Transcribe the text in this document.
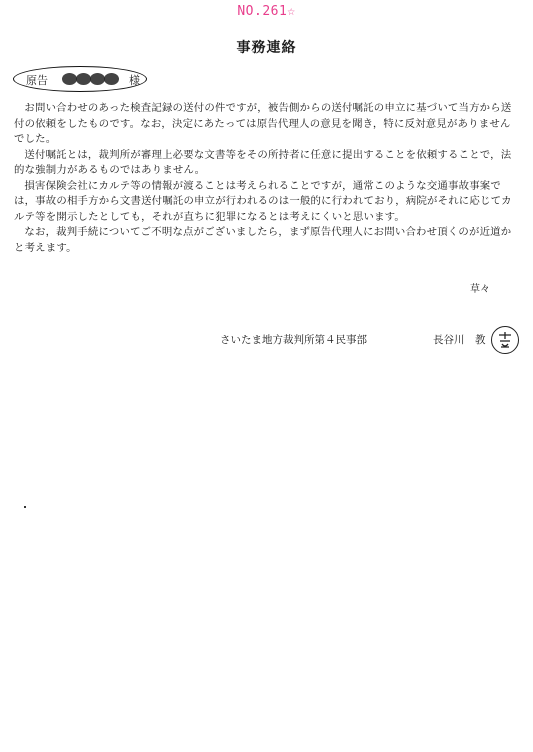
NO.261☆
事務連絡
原告	様

お問い合わせのあった検査記録の送付の件ですが，被告側からの送付嘱託の申立に基づいて当方から送付の依頼をしたものです。なお，決定にあたっては原告代理人の意見を聞き，特に反対意見がありませんでした。

送付嘱託とは，裁判所が審理上必要な文書等をその所持者に任意に提出することを依頼することで，法的な強制力があるものではありません。

損害保険会社にカルテ等の情報が渡ることは考えられることですが，通常このような交通事故事案では，事故の相手方から文書送付嘱託の申立が行われるのは一般的に行われており，病院がそれに応じてカルテ等を開示したとしても，それが直ちに犯罪になるとは考えにくいと思います。

なお，裁判手続についてご不明な点がございましたら，まず原告代理人にお問い合わせ頂くのが近道かと考えます。

草々
さいたま地方裁判所第４民事部	長谷川　教
